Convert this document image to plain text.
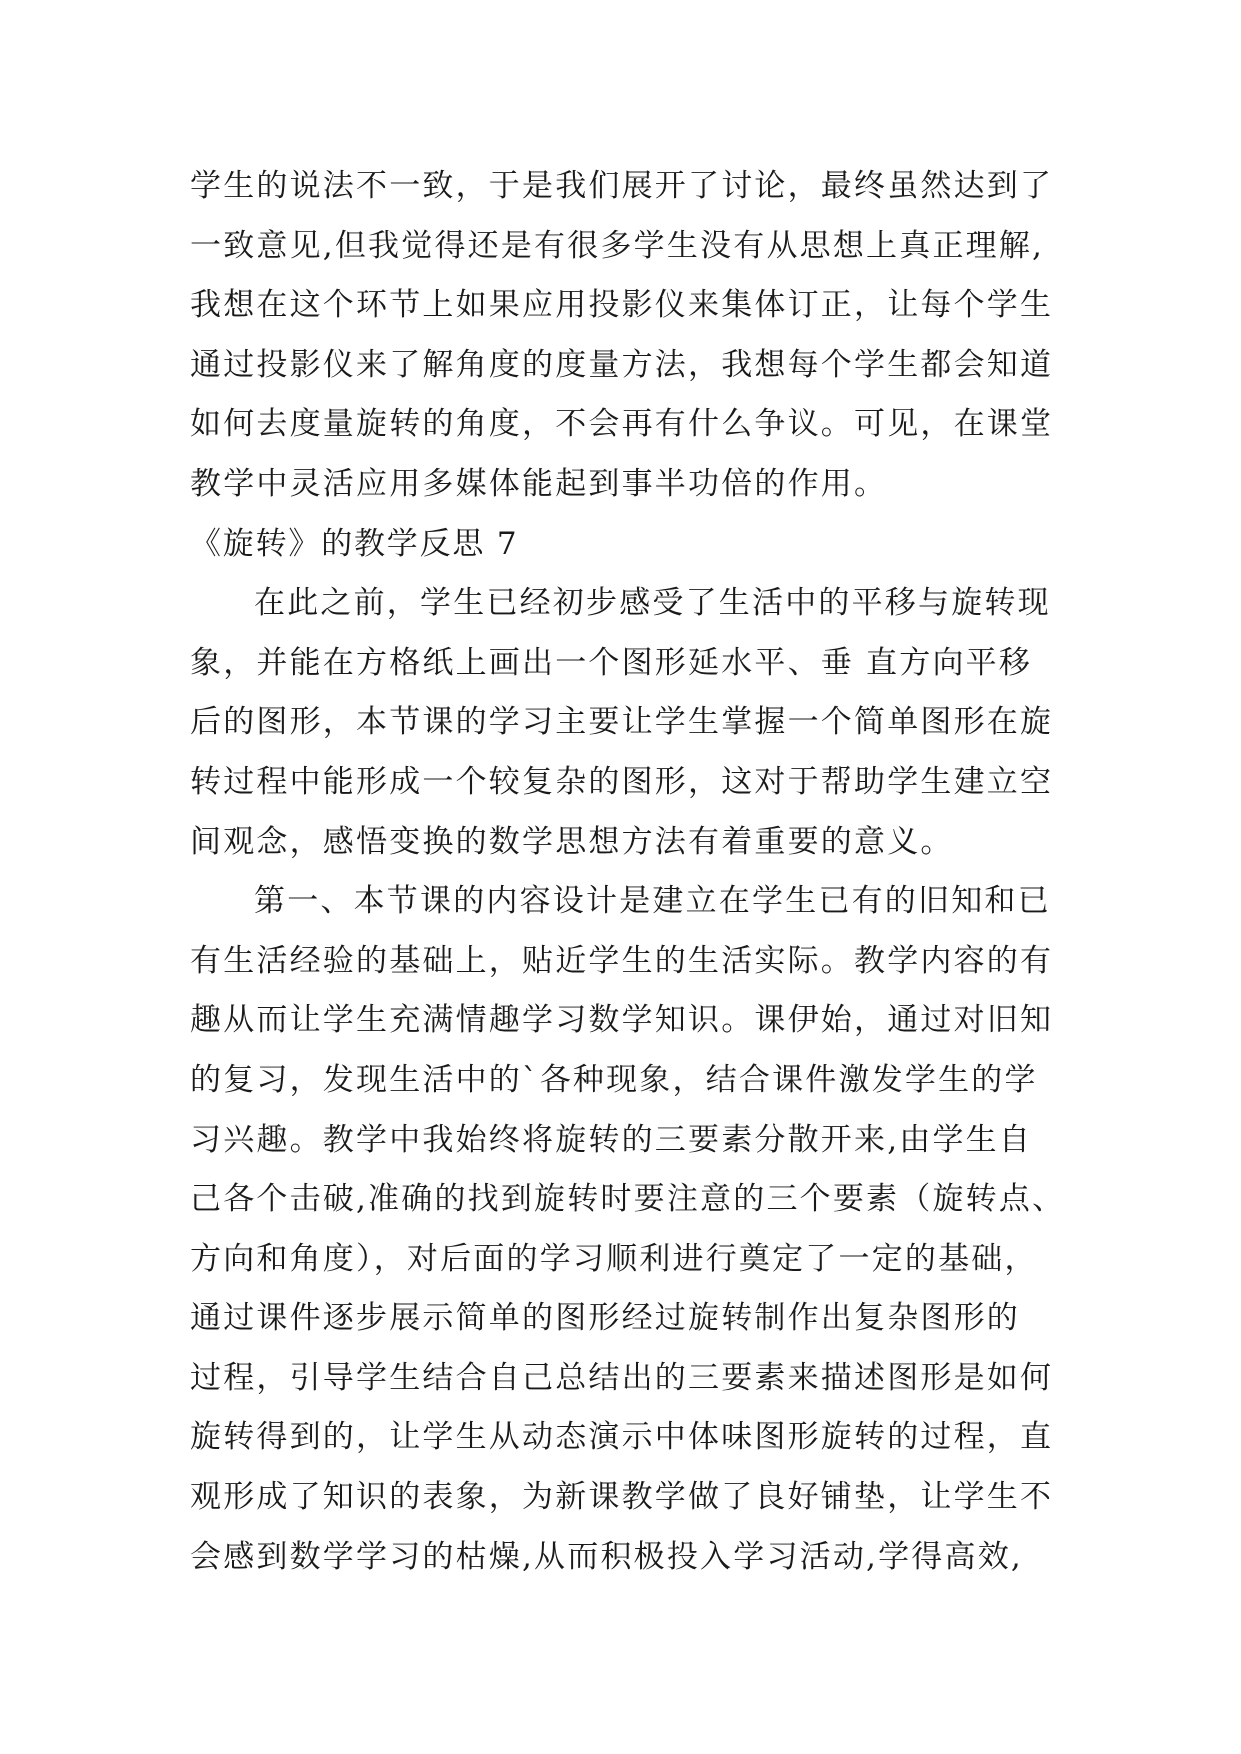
学生的说法不一致，于是我们展开了讨论，最终虽然达到了
一致意见,但我觉得还是有很多学生没有从思想上真正理解,
我想在这个环节上如果应用投影仪来集体订正，让每个学生
通过投影仪来了解角度的度量方法，我想每个学生都会知道
如何去度量旋转的角度，不会再有什么争议。可见，在课堂
教学中灵活应用多媒体能起到事半功倍的作用。
《旋转》的教学反思 7
在此之前，学生已经初步感受了生活中的平移与旋转现
象，并能在方格纸上画出一个图形延水平、垂 直方向平移
后的图形，本节课的学习主要让学生掌握一个简单图形在旋
转过程中能形成一个较复杂的图形，这对于帮助学生建立空
间观念，感悟变换的数学思想方法有着重要的意义。
第一、本节课的内容设计是建立在学生已有的旧知和已
有生活经验的基础上，贴近学生的生活实际。教学内容的有
趣从而让学生充满情趣学习数学知识。课伊始，通过对旧知
的复习，发现生活中的`各种现象，结合课件激发学生的学
习兴趣。教学中我始终将旋转的三要素分散开来,由学生自
己各个击破,准确的找到旋转时要注意的三个要素（旋转点、
方向和角度），对后面的学习顺利进行奠定了一定的基础，
通过课件逐步展示简单的图形经过旋转制作出复杂图形的
过程，引导学生结合自己总结出的三要素来描述图形是如何
旋转得到的，让学生从动态演示中体味图形旋转的过程，直
观形成了知识的表象，为新课教学做了良好铺垫，让学生不
会感到数学学习的枯燥,从而积极投入学习活动,学得高效,
